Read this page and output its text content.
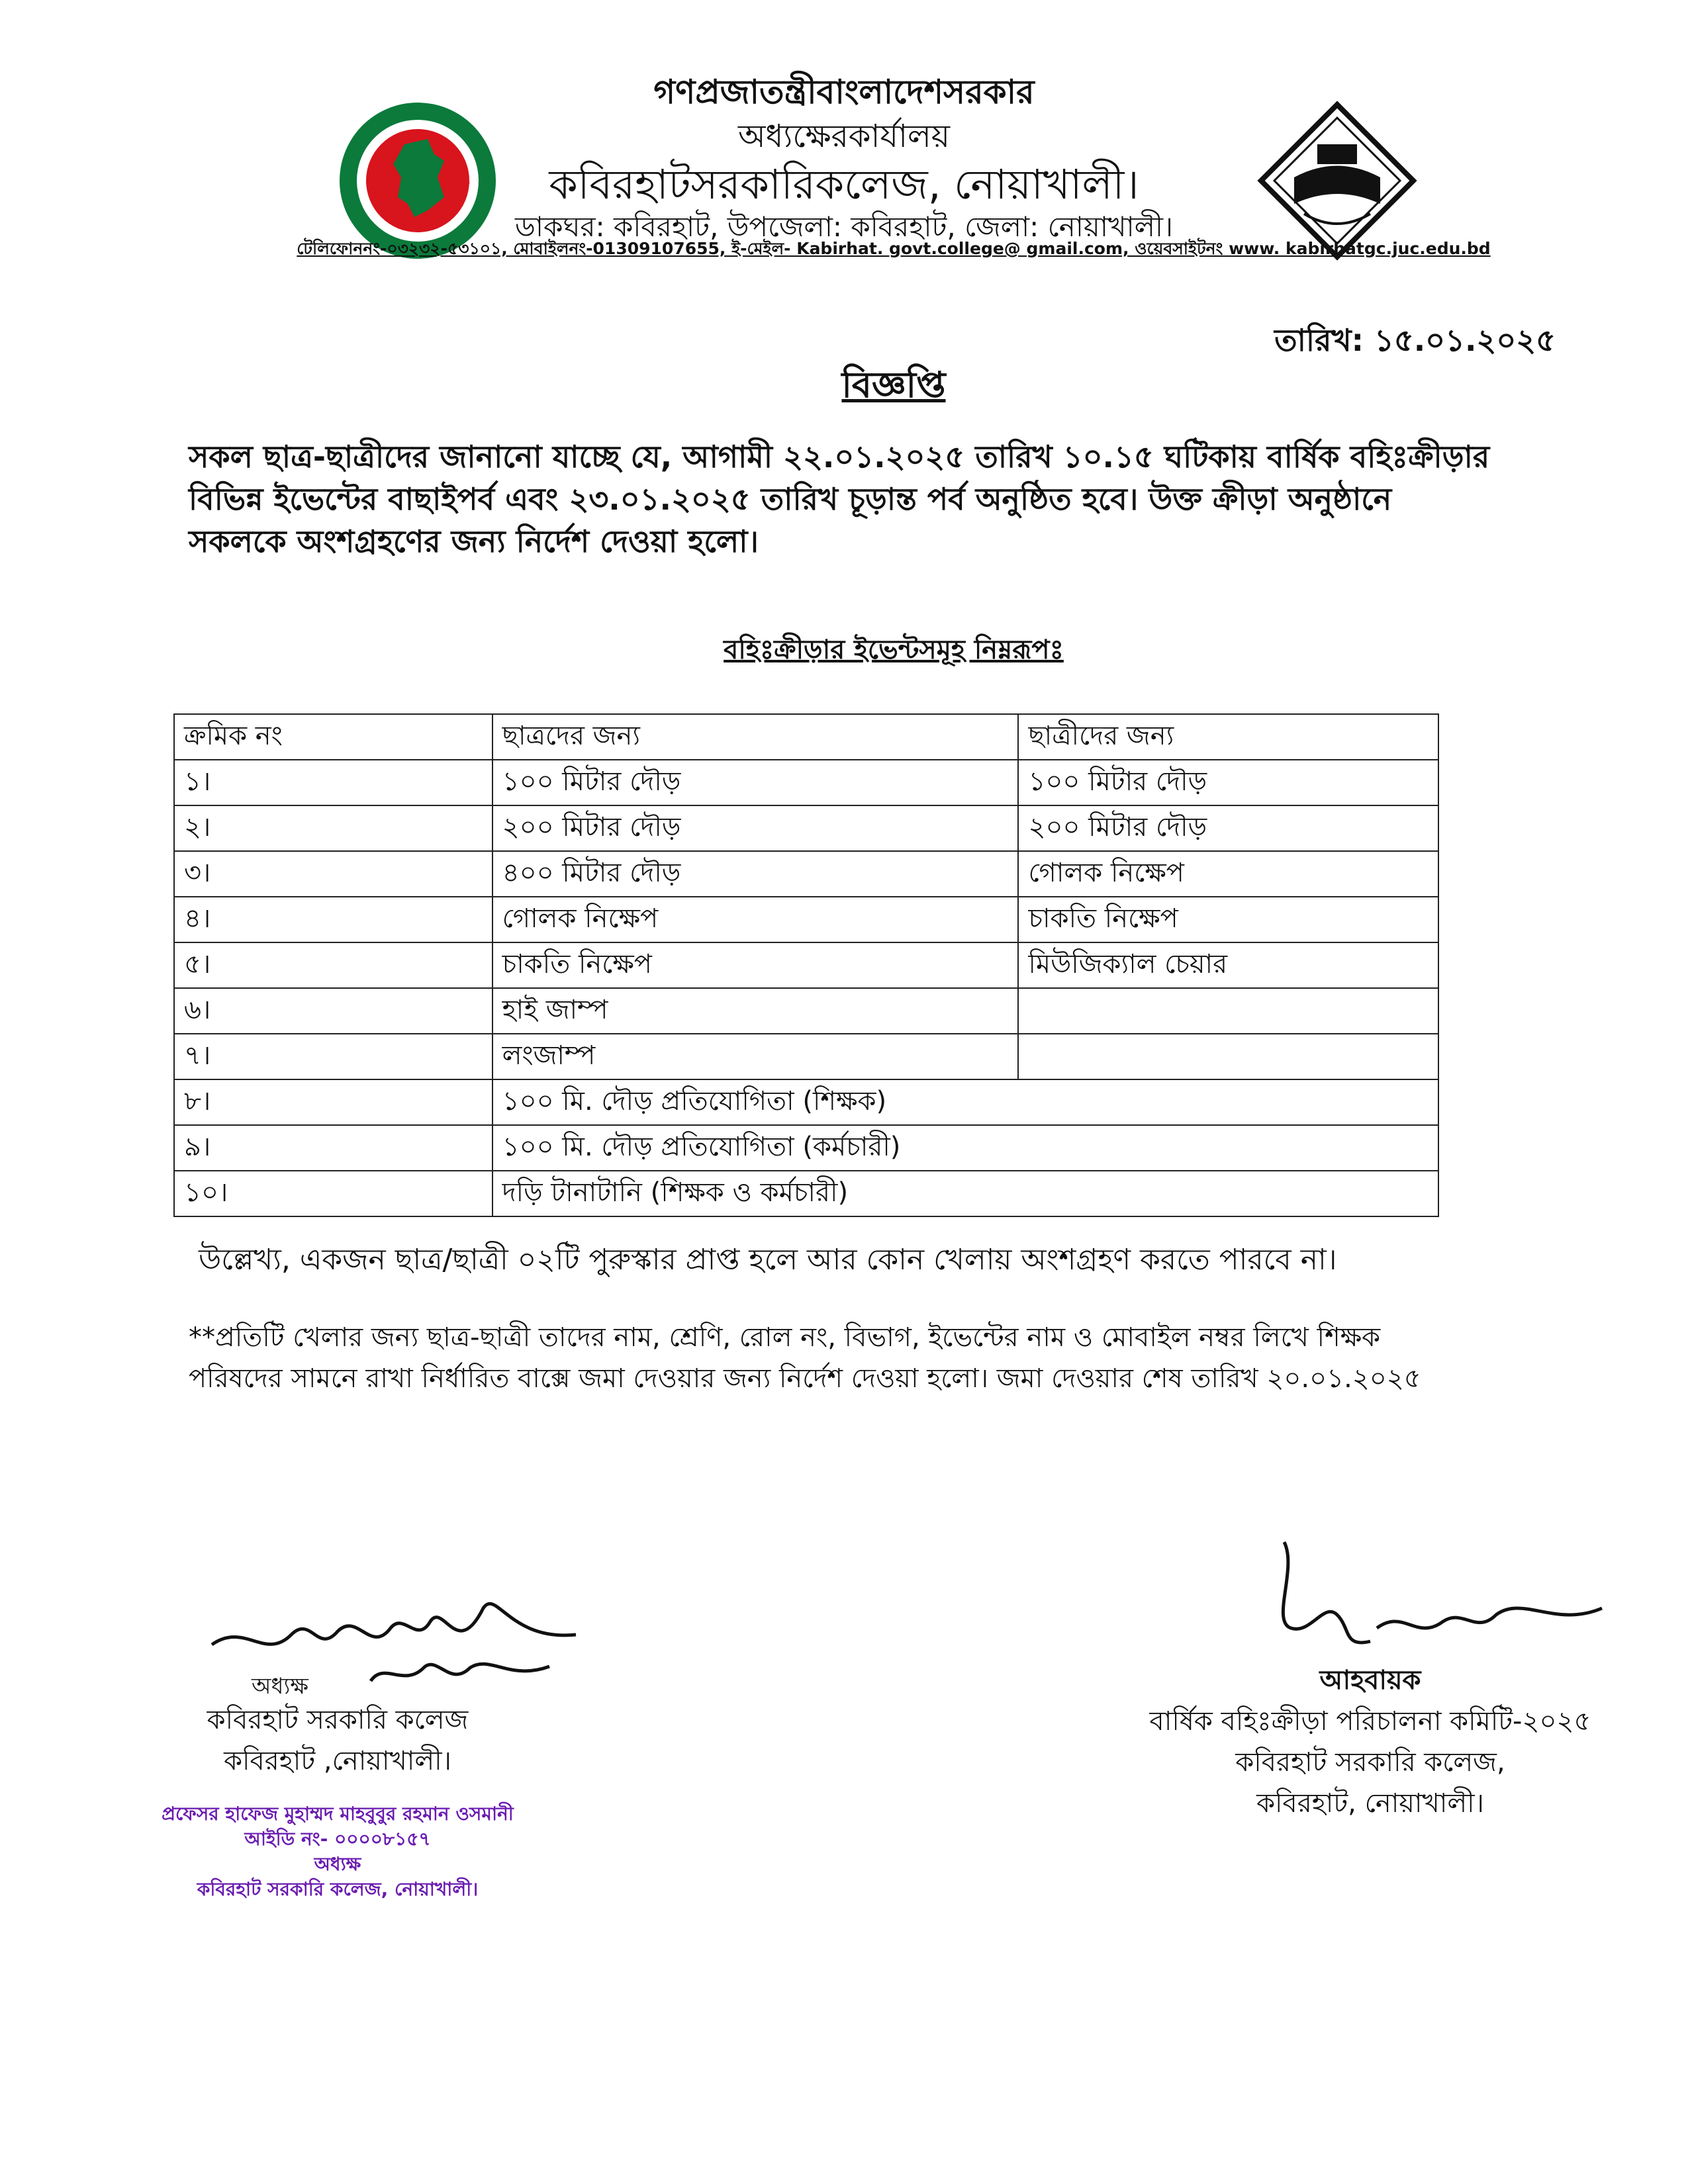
★	★
গণপ্রজাতন্ত্রীবাংলাদেশসরকার
অধ্যক্ষেরকার্যালয়
কবিরহাটসরকারিকলেজ, নোয়াখালী।
ডাকঘর: কবিরহাট, উপজেলা: কবিরহাট, জেলা: নোয়াখালী।
টেলিফোননং-০৩২৩২-৫৩১০১, মোবাইলনং-01309107655, ই-মেইল- Kabirhat. govt.college@ gmail.com, ওয়েবসাইটনং www. kabirhatgc.juc.edu.bd
তারিখ: ১৫.০১.২০২৫
বিজ্ঞপ্তি
সকল ছাত্র-ছাত্রীদের জানানো যাচ্ছে যে, আগামী ২২.০১.২০২৫ তারিখ ১০.১৫ ঘটিকায় বার্ষিক বহিঃক্রীড়ার
বিভিন্ন ইভেন্টের বাছাইপর্ব এবং ২৩.০১.২০২৫ তারিখ চূড়ান্ত পর্ব অনুষ্ঠিত হবে। উক্ত ক্রীড়া অনুষ্ঠানে
সকলকে অংশগ্রহণের জন্য নির্দেশ দেওয়া হলো।
বহিঃক্রীড়ার ইভেন্টসমূহ নিম্নরূপঃ
ক্রমিক নং	ছাত্রদের জন্য	ছাত্রীদের জন্য
১।	১০০ মিটার দৌড়	১০০ মিটার দৌড়
২।	২০০ মিটার দৌড়	২০০ মিটার দৌড়
৩।	৪০০ মিটার দৌড়	গোলক নিক্ষেপ
৪।	গোলক নিক্ষেপ	চাকতি নিক্ষেপ
৫।	চাকতি নিক্ষেপ	মিউজিক্যাল চেয়ার
৬।	হাই জাম্প	
৭।	লংজাম্প	
৮।	১০০ মি. দৌড় প্রতিযোগিতা (শিক্ষক)	
৯।	১০০ মি. দৌড় প্রতিযোগিতা (কর্মচারী)	
১০।	দড়ি টানাটানি (শিক্ষক ও কর্মচারী)	
উল্লেখ্য, একজন ছাত্র/ছাত্রী ০২টি পুরুস্কার প্রাপ্ত হলে আর কোন খেলায় অংশগ্রহণ করতে পারবে না।
**প্রতিটি খেলার জন্য ছাত্র-ছাত্রী তাদের নাম, শ্রেণি, রোল নং, বিভাগ, ইভেন্টের নাম ও মোবাইল নম্বর লিখে শিক্ষক
পরিষদের সামনে রাখা নির্ধারিত বাক্সে জমা দেওয়ার জন্য নির্দেশ দেওয়া হলো। জমা দেওয়ার শেষ তারিখ ২০.০১.২০২৫
অধ্যক্ষ
কবিরহাট সরকারি কলেজ
কবিরহাট ,নোয়াখালী।
প্রফেসর হাফেজ মুহাম্মদ মাহবুবুর রহমান ওসমানী
আইডি নং- ০০০০৮১৫৭
অধ্যক্ষ
কবিরহাট সরকারি কলেজ, নোয়াখালী।
আহবায়ক
বার্ষিক বহিঃক্রীড়া পরিচালনা কমিটি-২০২৫
কবিরহাট সরকারি কলেজ,
কবিরহাট, নোয়াখালী।
